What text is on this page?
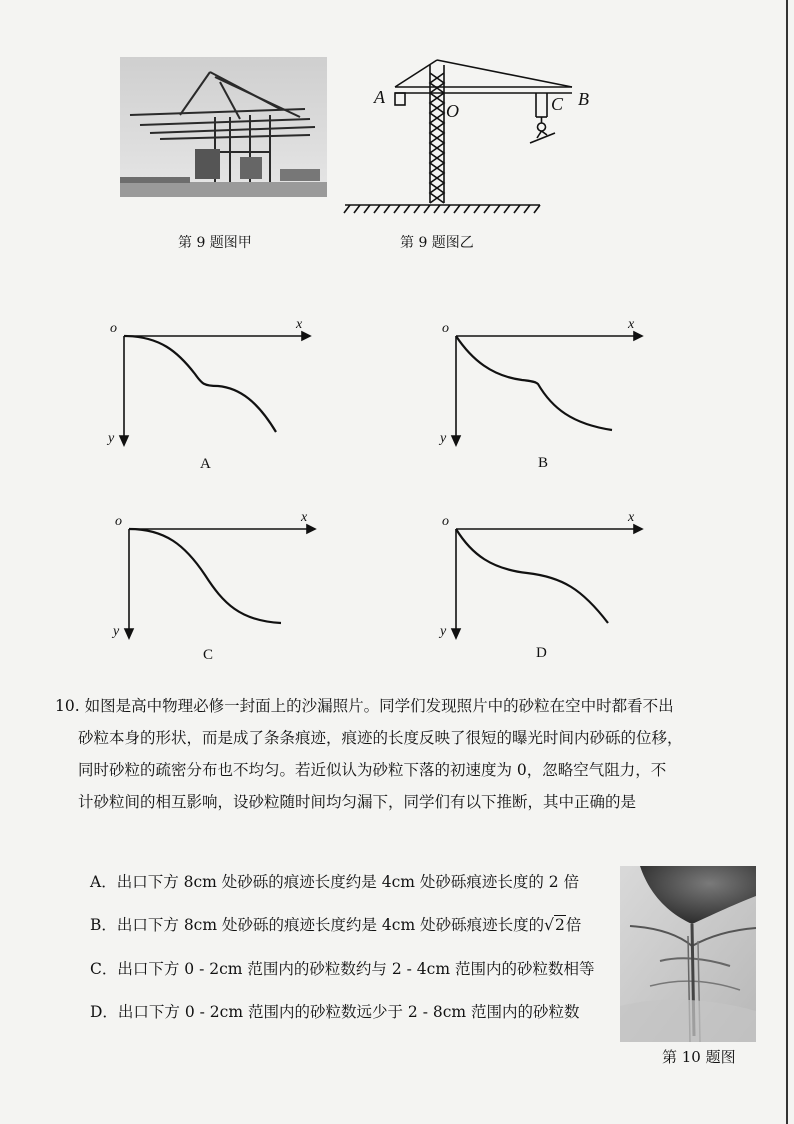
第 9 题图甲
A
O	C B
第 9 题图乙
o	x
y
A
o	x
y
B
o	x
y
C
o	x
y
D

10. 如图是高中物理必修一封面上的沙漏照片。同学们发现照片中的砂粒在空中时都看不出

砂粒本身的形状，而是成了条条痕迹，痕迹的长度反映了很短的曝光时间内砂砾的位移，

同时砂粒的疏密分布也不均匀。若近似认为砂粒下落的初速度为 0，忽略空气阻力，不

计砂粒间的相互影响，设砂粒随时间均匀漏下，同学们有以下推断，其中正确的是

A．出口下方 8cm 处砂砾的痕迹长度约是 4cm 处砂砾痕迹长度的 2 倍
B．出口下方 8cm 处砂砾的痕迹长度约是 4cm 处砂砾痕迹长度的√2倍
C．出口下方 0 - 2cm 范围内的砂粒数约与 2 - 4cm 范围内的砂粒数相等
D．出口下方 0 - 2cm 范围内的砂粒数远少于 2 - 8cm 范围内的砂粒数
第 10 题图
